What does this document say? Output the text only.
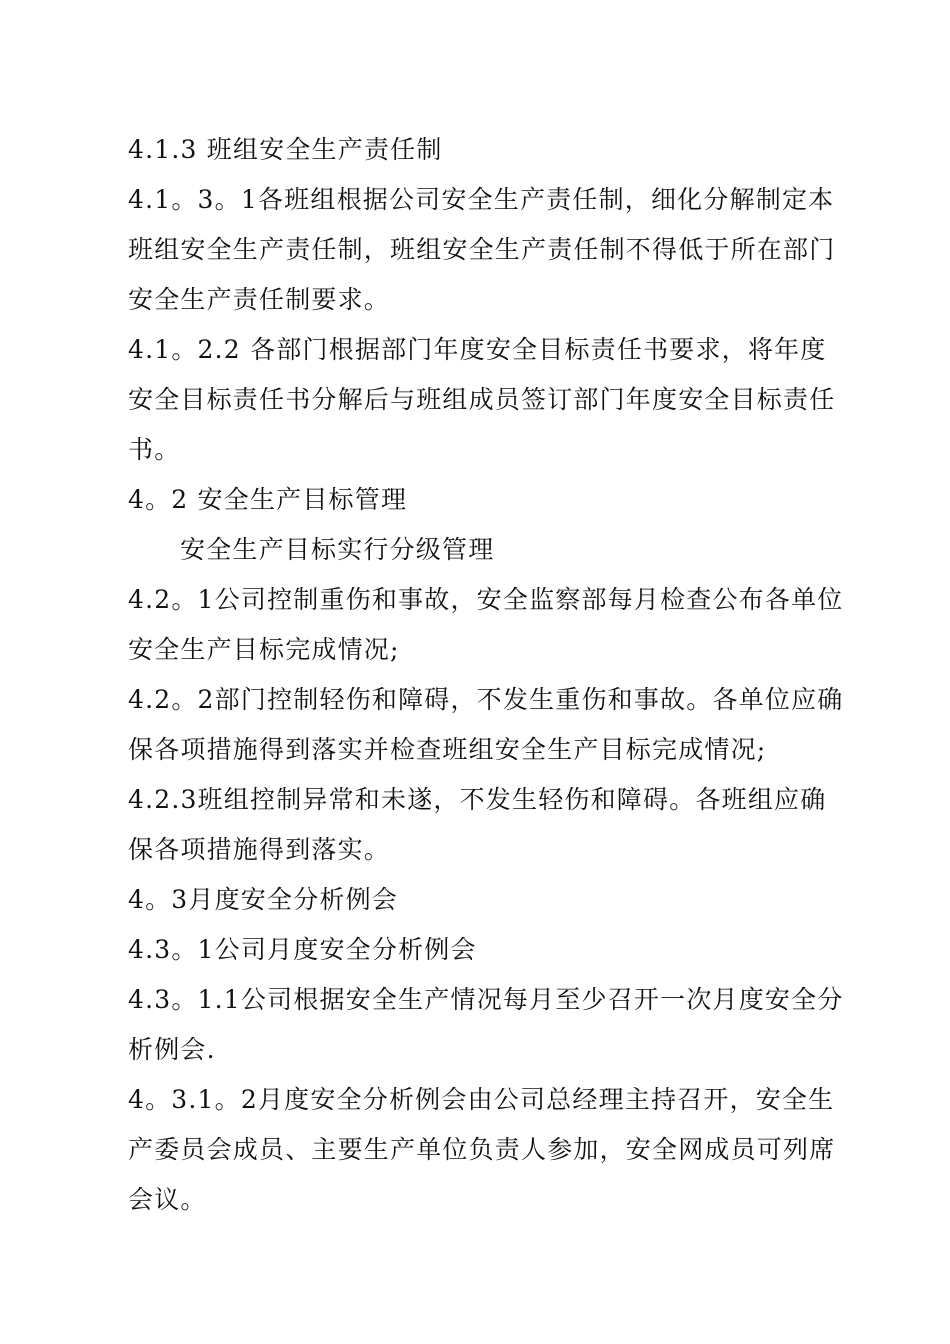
4.1.3 班组安全生产责任制
4.1。3。1各班组根据公司安全生产责任制，细化分解制定本
班组安全生产责任制，班组安全生产责任制不得低于所在部门
安全生产责任制要求。
4.1。2.2 各部门根据部门年度安全目标责任书要求，将年度
安全目标责任书分解后与班组成员签订部门年度安全目标责任
书。
4。2 安全生产目标管理
安全生产目标实行分级管理
4.2。1公司控制重伤和事故，安全监察部每月检查公布各单位
安全生产目标完成情况;
4.2。2部门控制轻伤和障碍，不发生重伤和事故。各单位应确
保各项措施得到落实并检查班组安全生产目标完成情况;
4.2.3班组控制异常和未遂，不发生轻伤和障碍。各班组应确
保各项措施得到落实。
4。3月度安全分析例会
4.3。1公司月度安全分析例会
4.3。1.1公司根据安全生产情况每月至少召开一次月度安全分
析例会.
4。3.1。2月度安全分析例会由公司总经理主持召开，安全生
产委员会成员、主要生产单位负责人参加，安全网成员可列席
会议。
